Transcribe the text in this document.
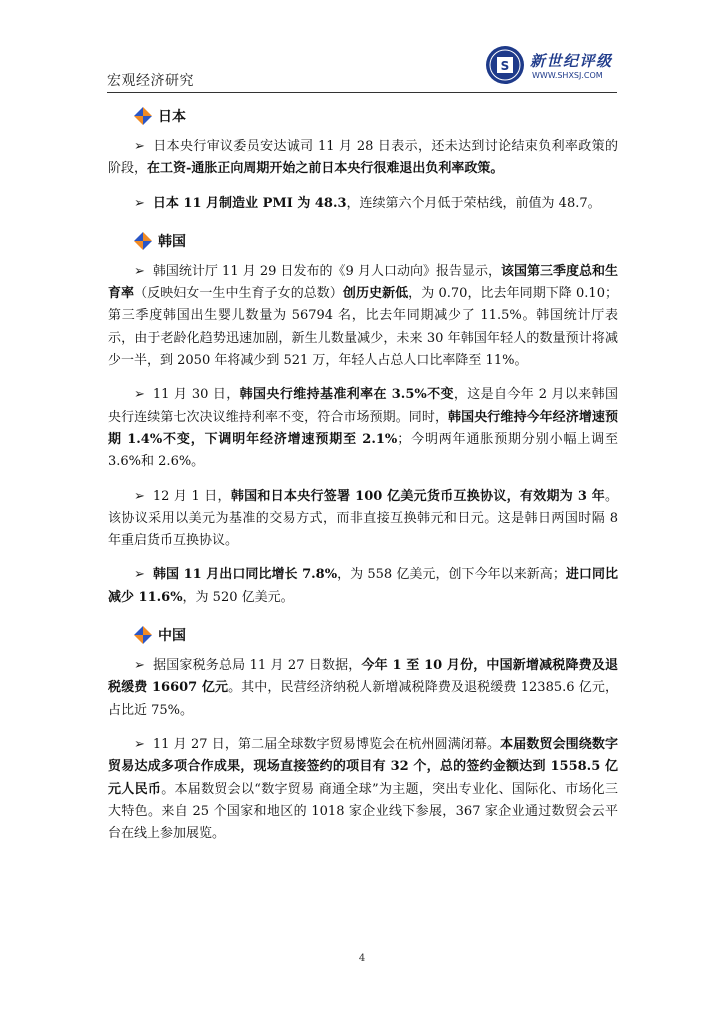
宏观经济研究
S 新世纪评级
WWW.SHXSJ.COM
日本

➢ 日本央行审议委员安达诚司 11 月 28 日表示，还未达到讨论结束负利率政策的阶段，在工资-通胀正向周期开始之前日本央行很难退出负利率政策。

➢ 日本 11 月制造业 PMI 为 48.3，连续第六个月低于荣枯线，前值为 48.7。

韩国

➢ 韩国统计厅 11 月 29 日发布的《9 月人口动向》报告显示，该国第三季度总和生育率（反映妇女一生中生育子女的总数）创历史新低，为 0.70，比去年同期下降 0.10；第三季度韩国出生婴儿数量为 56794 名，比去年同期减少了 11.5%。韩国统计厅表示，由于老龄化趋势迅速加剧，新生儿数量减少，未来 30 年韩国年轻人的数量预计将减少一半，到 2050 年将减少到 521 万，年轻人占总人口比率降至 11%。

➢ 11 月 30 日，韩国央行维持基准利率在 3.5%不变，这是自今年 2 月以来韩国央行连续第七次决议维持利率不变，符合市场预期。同时，韩国央行维持今年经济增速预期 1.4%不变，下调明年经济增速预期至 2.1%；今明两年通胀预期分别小幅上调至 3.6%和 2.6%。

➢ 12 月 1 日，韩国和日本央行签署 100 亿美元货币互换协议，有效期为 3 年。该协议采用以美元为基准的交易方式，而非直接互换韩元和日元。这是韩日两国时隔 8 年重启货币互换协议。

➢ 韩国 11 月出口同比增长 7.8%，为 558 亿美元，创下今年以来新高；进口同比减少 11.6%，为 520 亿美元。

中国

➢ 据国家税务总局 11 月 27 日数据，今年 1 至 10 月份，中国新增减税降费及退税缓费 16607 亿元。其中，民营经济纳税人新增减税降费及退税缓费 12385.6 亿元，占比近 75%。

➢ 11 月 27 日，第二届全球数字贸易博览会在杭州圆满闭幕。本届数贸会围绕数字贸易达成多项合作成果，现场直接签约的项目有 32 个，总的签约金额达到 1558.5 亿元人民币。本届数贸会以“数字贸易 商通全球”为主题，突出专业化、国际化、市场化三大特色。来自 25 个国家和地区的 1018 家企业线下参展，367 家企业通过数贸会云平台在线上参加展览。

4
